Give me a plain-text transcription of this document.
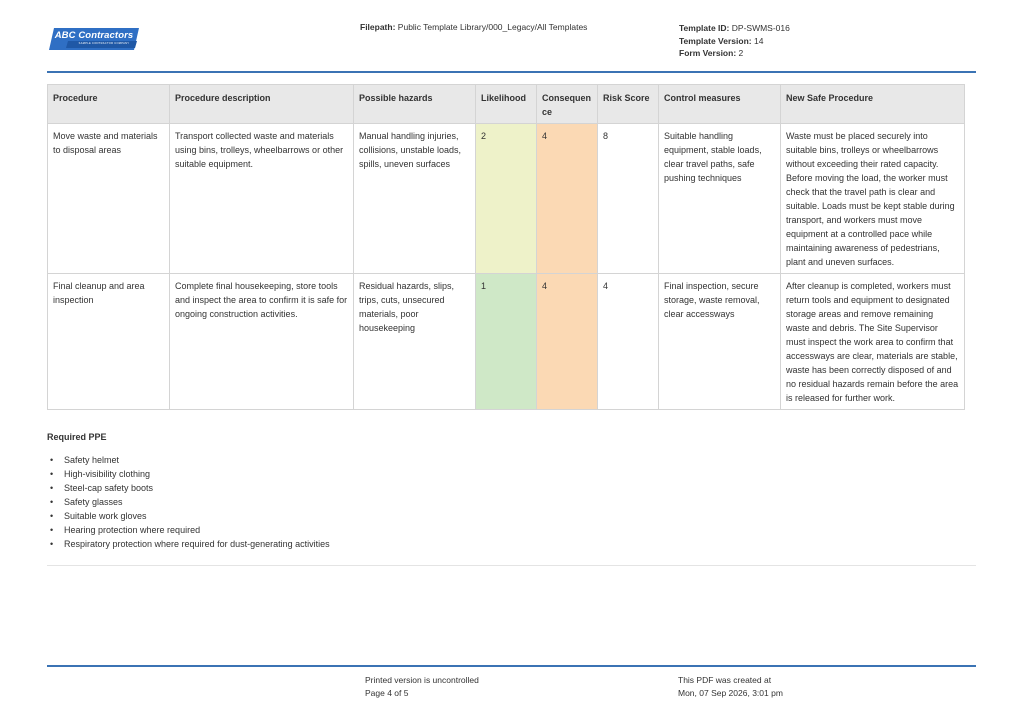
ABC Contractors
SAMPLE CONTRACTOR COMPANY
Filepath: Public Template Library/000_Legacy/All Templates	Template ID: DP-SWMS-016
Template Version: 14
Form Version: 2
Procedure	Procedure description	Possible hazards	Likelihood	Consequen ce	Risk Score	Control measures	New Safe Procedure
Move waste and materials to disposal areas	Transport collected waste and materials using bins, trolleys, wheelbarrows or other suitable equipment.	Manual handling injuries, collisions, unstable loads, spills, uneven surfaces	2	4	8	Suitable handling equipment, stable loads, clear travel paths, safe pushing techniques	Waste must be placed securely into suitable bins, trolleys or wheelbarrows without exceeding their rated capacity. Before moving the load, the worker must check that the travel path is clear and suitable. Loads must be kept stable during transport, and workers must move equipment at a controlled pace while maintaining awareness of pedestrians, plant and uneven surfaces.
Final cleanup and area inspection	Complete final housekeeping, store tools and inspect the area to confirm it is safe for ongoing construction activities.	Residual hazards, slips, trips, cuts, unsecured materials, poor housekeeping	1	4	4	Final inspection, secure storage, waste removal, clear accessways	After cleanup is completed, workers must return tools and equipment to designated storage areas and remove remaining waste and debris. The Site Supervisor must inspect the work area to confirm that accessways are clear, materials are stable, waste has been correctly disposed of and no residual hazards remain before the area is released for further work.
Required PPE
• Safety helmet
• High-visibility clothing
• Steel-cap safety boots
• Safety glasses
• Suitable work gloves
• Hearing protection where required
• Respiratory protection where required for dust-generating activities
Printed version is uncontrolled
Page 4 of 5
This PDF was created at
Mon, 07 Sep 2026, 3:01 pm
